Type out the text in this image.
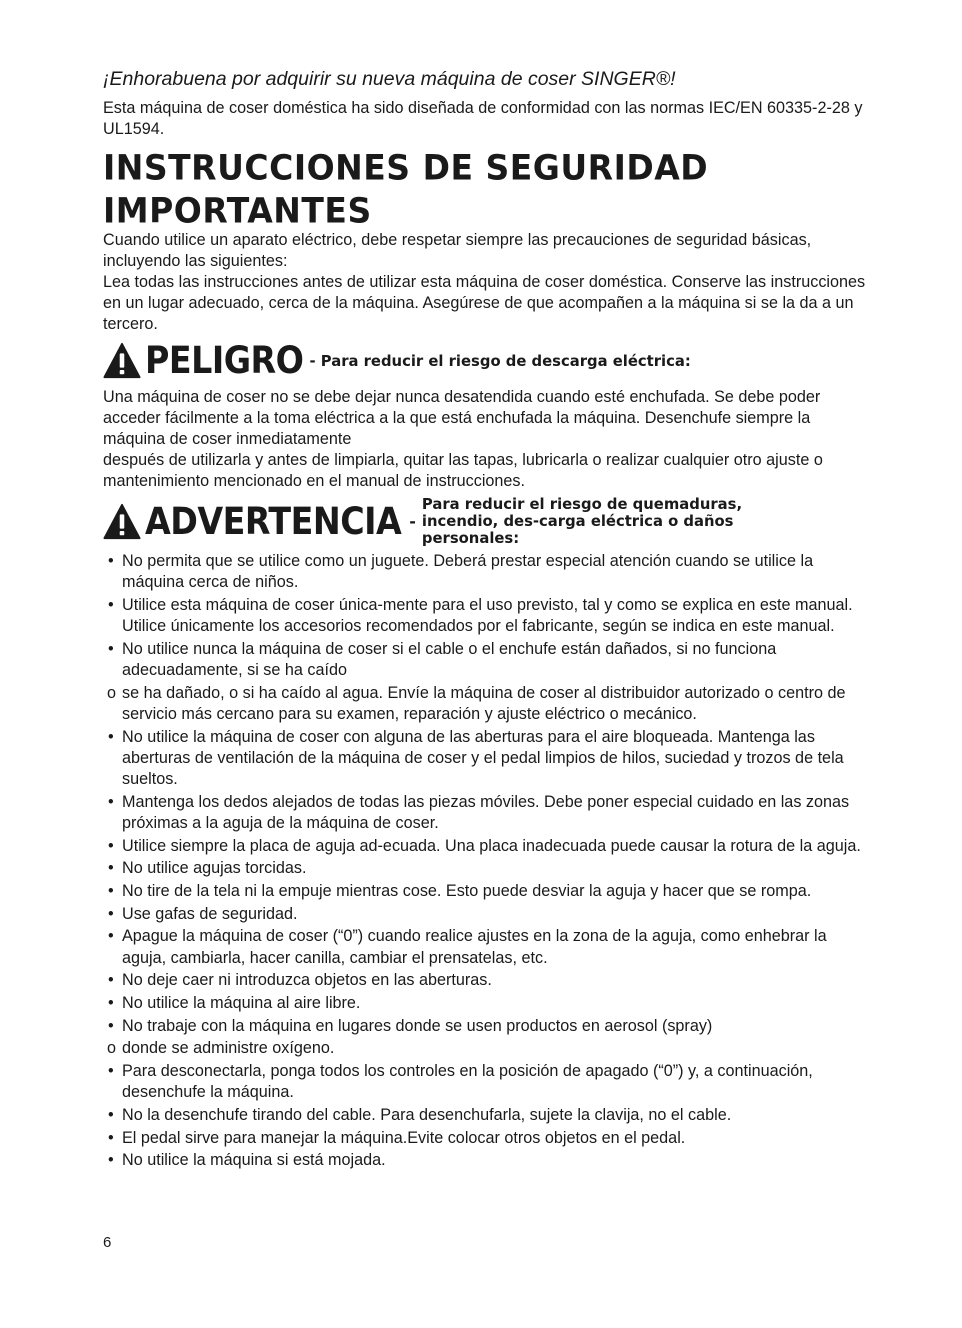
¡Enhorabuena por adquirir su nueva máquina de coser SINGER®!

Esta máquina de coser doméstica ha sido diseñada de conformidad con las normas IEC/EN 60335-2-28 y UL1594.

INSTRUCCIONES DE SEGURIDAD
IMPORTANTES

Cuando utilice un aparato eléctrico, debe respetar siempre las precauciones de seguridad básicas, incluyendo las siguientes:

Lea todas las instrucciones antes de utilizar esta máquina de coser doméstica. Conserve las instrucciones en un lugar adecuado, cerca de la máquina. Asegúrese de que acompañen a la máquina si se la da a un tercero.

PELIGRO - Para reducir el riesgo de descarga eléctrica:

Una máquina de coser no se debe dejar nunca desatendida cuando esté enchufada. Se debe poder acceder fácilmente a la toma eléctrica a la que está enchufada la máquina. Desenchufe siempre la máquina de coser inmediatamente

después de utilizarla y antes de limpiarla, quitar las tapas, lubricarla o realizar cualquier otro ajuste o mantenimiento mencionado en el manual de instrucciones.

ADVERTENCIA -
Para reducir el riesgo de quemaduras, incendio, des-carga eléctrica o daños personales:
• No permita que se utilice como un juguete. Deberá prestar especial atención cuando se utilice la máquina cerca de niños.
• Utilice esta máquina de coser única-mente para el uso previsto, tal y como se explica en este manual. Utilice únicamente los accesorios recomendados por el fabricante, según se indica en este manual.
• No utilice nunca la máquina de coser si el cable o el enchufe están dañados, si no funciona adecuadamente, si se ha caído
o se ha dañado, o si ha caído al agua. Envíe la máquina de coser al distribuidor autorizado o centro de servicio más cercano para su examen, reparación y ajuste eléctrico o mecánico.
• No utilice la máquina de coser con alguna de las aberturas para el aire bloqueada. Mantenga las aberturas de ventilación de la máquina de coser y el pedal limpios de hilos, suciedad y trozos de tela sueltos.
• Mantenga los dedos alejados de todas las piezas móviles. Debe poner especial cuidado en las zonas próximas a la aguja de la máquina de coser.
• Utilice siempre la placa de aguja ad-ecuada. Una placa inadecuada puede causar la rotura de la aguja.
• No utilice agujas torcidas.
• No tire de la tela ni la empuje mientras cose. Esto puede desviar la aguja y hacer que se rompa.
• Use gafas de seguridad.
• Apague la máquina de coser (“0”) cuando realice ajustes en la zona de la aguja, como enhebrar la aguja, cambiarla, hacer canilla, cambiar el prensatelas, etc.
• No deje caer ni introduzca objetos en las aberturas.
• No utilice la máquina al aire libre.
• No trabaje con la máquina en lugares donde se usen productos en aerosol (spray)
o donde se administre oxígeno.
• Para desconectarla, ponga todos los controles en la posición de apagado (“0”) y, a continuación, desenchufe la máquina.
• No la desenchufe tirando del cable. Para desenchufarla, sujete la clavija, no el cable.
• El pedal sirve para manejar la máquina.Evite colocar otros objetos en el pedal.
• No utilice la máquina si está mojada.
6
